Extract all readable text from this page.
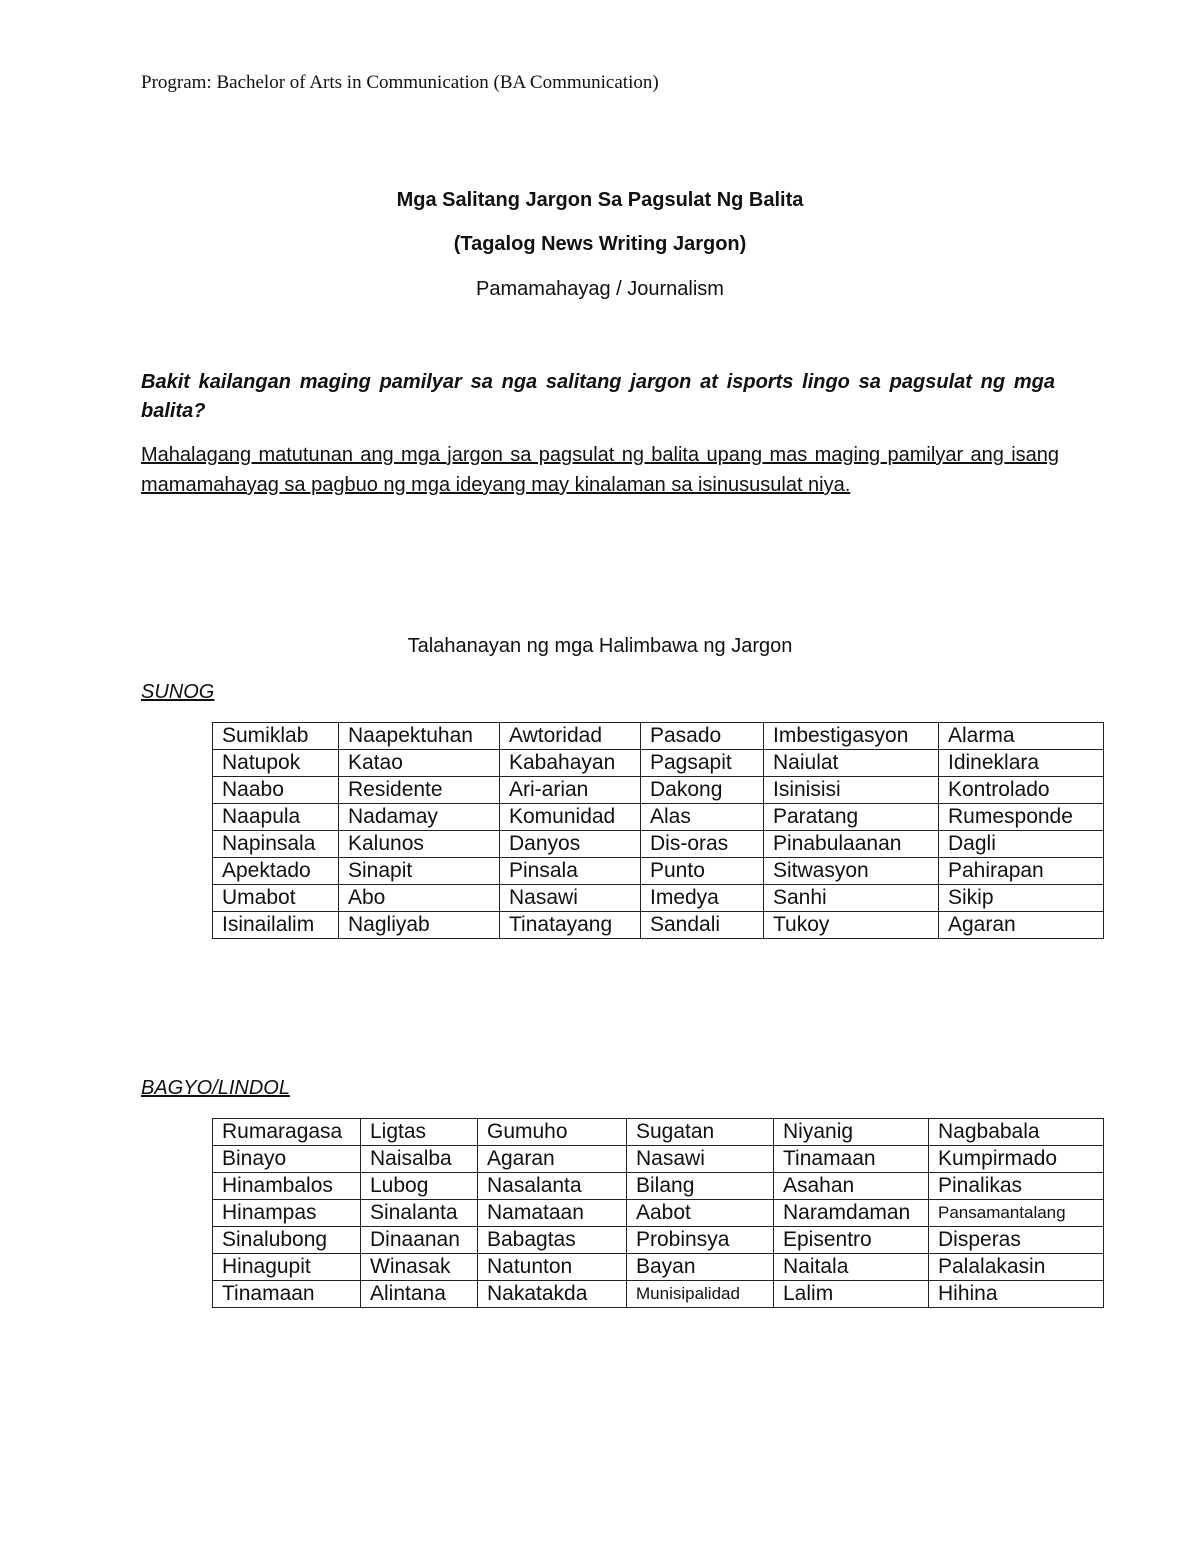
Program: Bachelor of Arts in Communication (BA Communication)
Mga Salitang Jargon Sa Pagsulat Ng Balita
(Tagalog News Writing Jargon)
Pamamahayag / Journalism
Bakit kailangan maging pamilyar sa nga salitang jargon at isports lingo sa pagsulat ng mga balita?
Mahalagang matutunan ang mga jargon sa pagsulat ng balita upang mas maging pamilyar ang isang mamamahayag sa pagbuo ng mga ideyang may kinalaman sa isinususulat niya.
Talahanayan ng mga Halimbawa ng Jargon
SUNOG
Sumiklab	Naapektuhan	Awtoridad	Pasado	Imbestigasyon	Alarma
Natupok	Katao	Kabahayan	Pagsapit	Naiulat	Idineklara
Naabo	Residente	Ari-arian	Dakong	Isinisisi	Kontrolado
Naapula	Nadamay	Komunidad	Alas	Paratang	Rumesponde
Napinsala	Kalunos	Danyos	Dis-oras	Pinabulaanan	Dagli
Apektado	Sinapit	Pinsala	Punto	Sitwasyon	Pahirapan
Umabot	Abo	Nasawi	Imedya	Sanhi	Sikip
Isinailalim	Nagliyab	Tinatayang	Sandali	Tukoy	Agaran
BAGYO/LINDOL
Rumaragasa	Ligtas	Gumuho	Sugatan	Niyanig	Nagbabala
Binayo	Naisalba	Agaran	Nasawi	Tinamaan	Kumpirmado
Hinambalos	Lubog	Nasalanta	Bilang	Asahan	Pinalikas
Hinampas	Sinalanta	Namataan	Aabot	Naramdaman	Pansamantalang
Sinalubong	Dinaanan	Babagtas	Probinsya	Episentro	Disperas
Hinagupit	Winasak	Natunton	Bayan	Naitala	Palalakasin
Tinamaan	Alintana	Nakatakda	Munisipalidad	Lalim	Hihina
